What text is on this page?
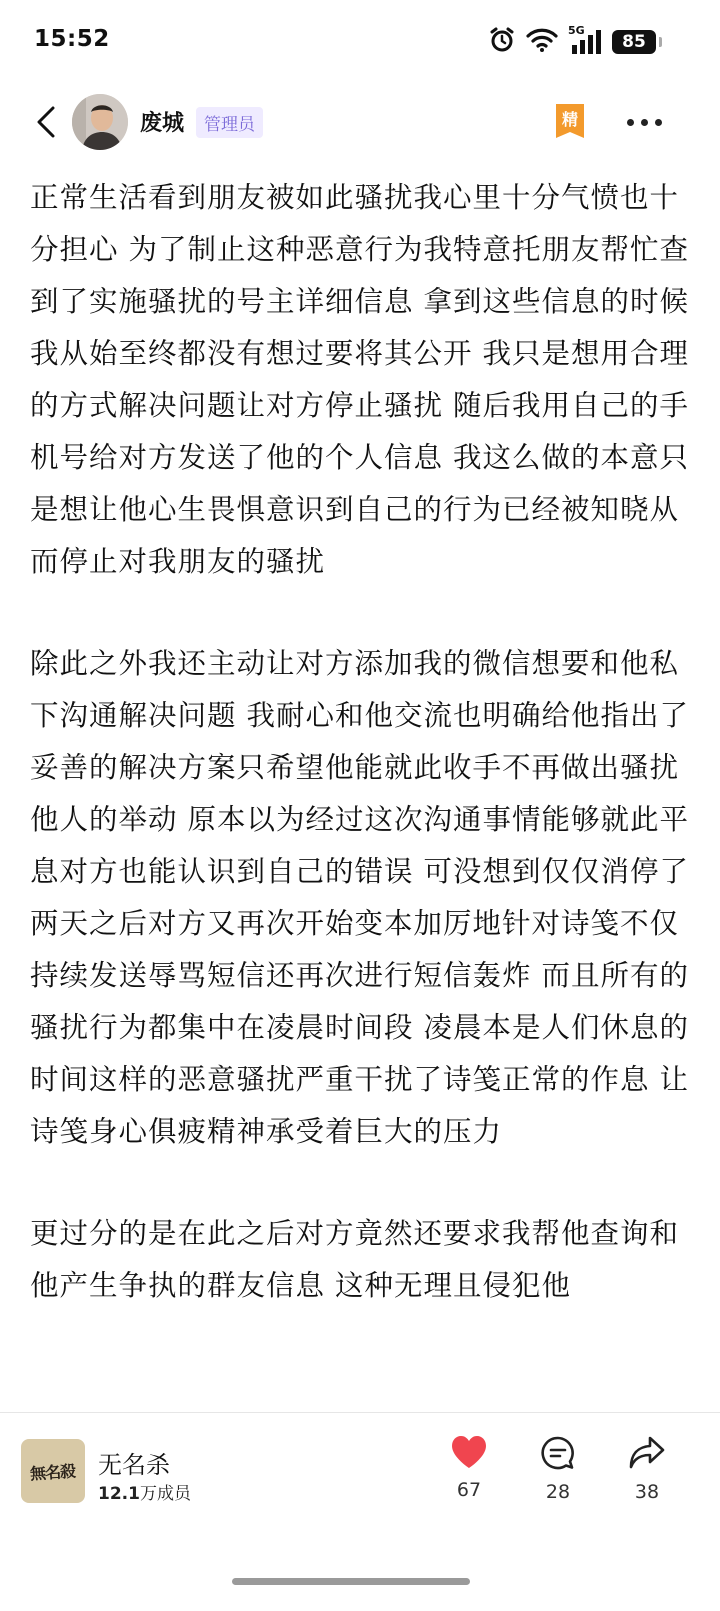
15:52	5G
85
废城	管理员	精

正常生活看到朋友被如此骚扰我心里十分气愤也十分担心 为了制止这种恶意行为我特意托朋友帮忙查到了实施骚扰的号主详细信息 拿到这些信息的时候我从始至终都没有想过要将其公开 我只是想用合理的方式解决问题让对方停止骚扰 随后我用自己的手机号给对方发送了他的个人信息 我这么做的本意只是想让他心生畏惧意识到自己的行为已经被知晓从而停止对我朋友的骚扰

除此之外我还主动让对方添加我的微信想要和他私下沟通解决问题 我耐心和他交流也明确给他指出了妥善的解决方案只希望他能就此收手不再做出骚扰他人的举动 原本以为经过这次沟通事情能够就此平息对方也能认识到自己的错误 可没想到仅仅消停了两天之后对方又再次开始变本加厉地针对诗笺不仅持续发送辱骂短信还再次进行短信轰炸 而且所有的骚扰行为都集中在凌晨时间段 凌晨本是人们休息的时间这样的恶意骚扰严重干扰了诗笺正常的作息 让诗笺身心俱疲精神承受着巨大的压力

更过分的是在此之后对方竟然还要求我帮他查询和他产生争执的群友信息 这种无理且侵犯他

無名殺 无名杀
12.1万成员	67	28	38
